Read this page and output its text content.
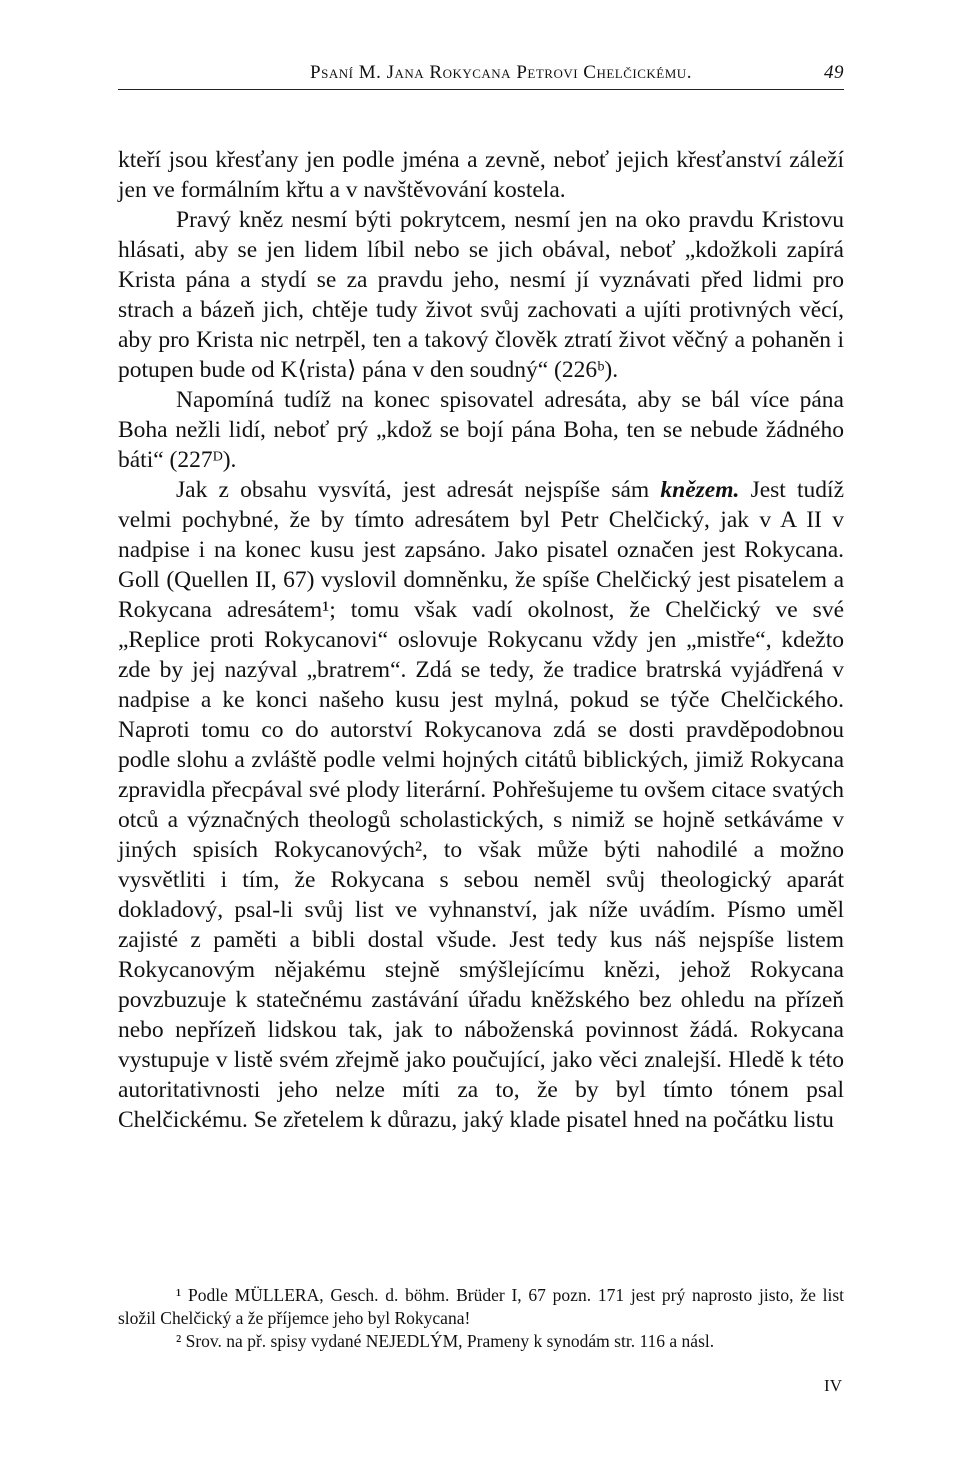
Psaní M. Jana Rokycana Petrovi Chelčickému.	49

kteří jsou křesťany jen podle jména a zevně, neboť jejich křesťanství záleží jen ve formálním křtu a v navštěvování kostela.

Pravý kněz nesmí býti pokrytcem, nesmí jen na oko pravdu Kristovu hlásati, aby se jen lidem líbil nebo se jich obával, neboť „kdožkoli zapírá Krista pána a stydí se za pravdu jeho, nesmí jí vyznávati před lidmi pro strach a bázeň jich, chtěje tudy život svůj zachovati a ujíti protivných věcí, aby pro Krista nic netrpěl, ten a takový člověk ztratí život věčný a pohaněn i potupen bude od K⟨rista⟩ pána v den soudný“ (226ᵇ).

Napomíná tudíž na konec spisovatel adresáta, aby se bál více pána Boha nežli lidí, neboť prý „kdož se bojí pána Boha, ten se nebude žádného báti“ (227ᴰ).

Jak z obsahu vysvítá, jest adresát nejspíše sám knězem. Jest tudíž velmi pochybné, že by tímto adresátem byl Petr Chelčický, jak v A II v nadpise i na konec kusu jest zapsáno. Jako pisatel označen jest Rokycana. Goll (Quellen II, 67) vyslovil domněnku, že spíše Chelčický jest pisatelem a Rokycana adresátem¹; tomu však vadí okolnost, že Chelčický ve své „Replice proti Rokycanovi“ oslovuje Rokycanu vždy jen „mistře“, kdežto zde by jej nazýval „bratrem“. Zdá se tedy, že tradice bratrská vyjádřená v nadpise a ke konci našeho kusu jest mylná, pokud se týče Chelčického. Naproti tomu co do autorství Rokycanova zdá se dosti pravděpodobnou podle slohu a zvláště podle velmi hojných citátů biblických, jimiž Rokycana zpravidla přecpával své plody literární. Pohřešujeme tu ovšem citace svatých otců a význačných theologů scholastických, s nimiž se hojně setkáváme v jiných spisích Rokycanových², to však může býti nahodilé a možno vysvětliti i tím, že Rokycana s sebou neměl svůj theologický aparát dokladový, psal-li svůj list ve vyhnanství, jak níže uvádím. Písmo uměl zajisté z paměti a bibli dostal všude. Jest tedy kus náš nejspíše listem Rokycanovým nějakému stejně smýšlejícímu knězi, jehož Rokycana povzbuzuje k statečnému zastávání úřadu kněžského bez ohledu na přízeň nebo nepřízeň lidskou tak, jak to náboženská povinnost žádá. Rokycana vystupuje v listě svém zřejmě jako poučující, jako věci znalejší. Hledě k této autoritativnosti jeho nelze míti za to, že by byl tímto tónem psal Chelčickému. Se zřetelem k důrazu, jaký klade pisatel hned na počátku listu

¹ Podle MÜLLERA, Gesch. d. böhm. Brüder I, 67 pozn. 171 jest prý naprosto jisto, že list složil Chelčický a že příjemce jeho byl Rokycana!

² Srov. na př. spisy vydané NEJEDLÝM, Prameny k synodám str. 116 a násl.

IV
